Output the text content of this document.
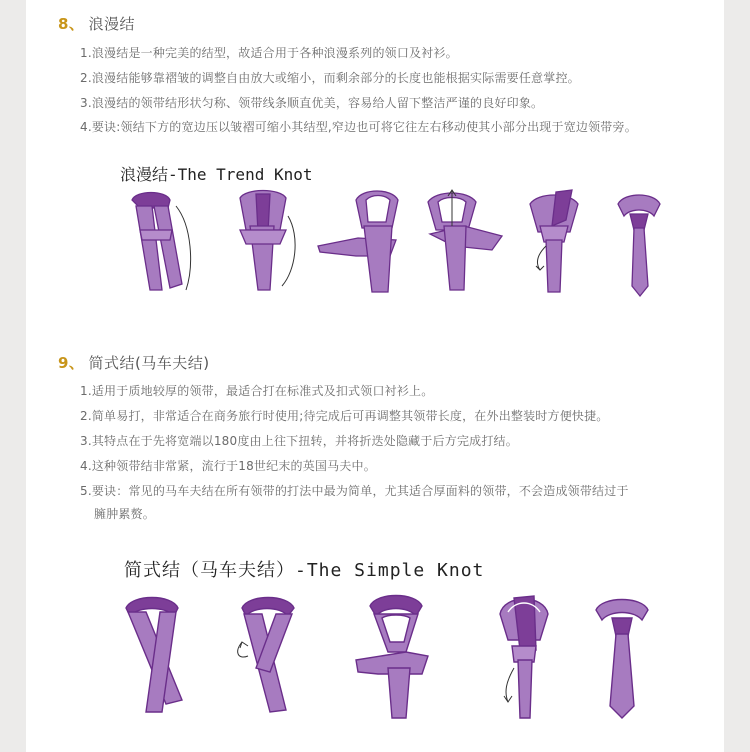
8、 浪漫结
1.浪漫结是一种完美的结型，故适合用于各种浪漫系列的领口及衬衫。
2.浪漫结能够靠褶皱的调整自由放大或缩小，而剩余部分的长度也能根据实际需要任意掌控。
3.浪漫结的领带结形状匀称、领带线条顺直优美，容易给人留下整洁严谨的良好印象。
4.要诀:领结下方的宽边压以皱褶可缩小其结型,窄边也可将它往左右移动使其小部分出现于宽边领带旁。
浪漫结-The Trend Knot
9、 简式结(马车夫结)
1.适用于质地较厚的领带，最适合打在标准式及扣式领口衬衫上。
2.简单易打，非常适合在商务旅行时使用;待完成后可再调整其领带长度，在外出整装时方便快捷。
3.其特点在于先将宽端以180度由上往下扭转，并将折迭处隐藏于后方完成打结。
4.这种领带结非常紧，流行于18世纪末的英国马夫中。
5.要诀：常见的马车夫结在所有领带的打法中最为简单，尤其适合厚面料的领带，不会造成领带结过于
臃肿累赘。
简式结（马车夫结）-The Simple Knot
